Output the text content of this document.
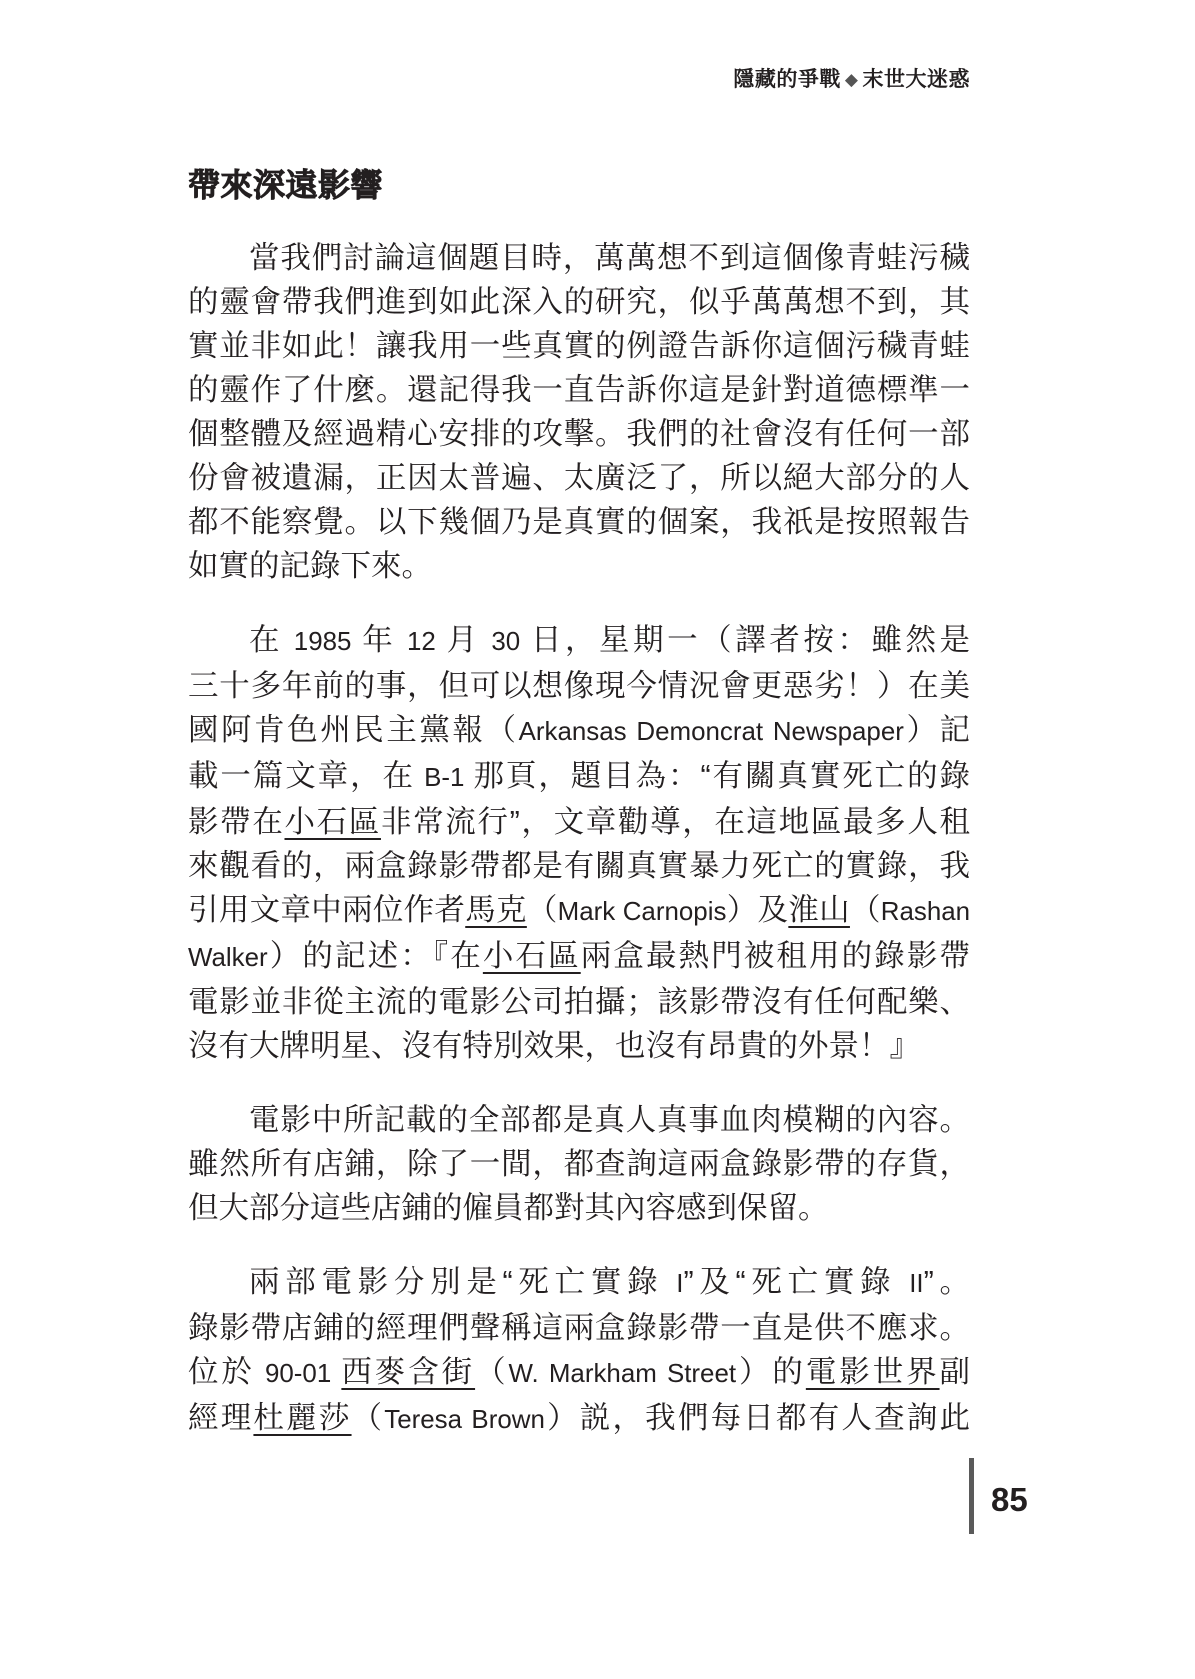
隱藏的爭戰 ◆ 末世大迷惑
帶來深遠影響
當我們討論這個題目時，萬萬想不到這個像青蛙污穢
的靈會帶我們進到如此深入的研究，似乎萬萬想不到，其
實並非如此！讓我用一些真實的例證告訴你這個污穢青蛙
的靈作了什麼。還記得我一直告訴你這是針對道德標準一
個整體及經過精心安排的攻擊。我們的社會沒有任何一部
份會被遺漏，正因太普遍、太廣泛了，所以絕大部分的人
都不能察覺。以下幾個乃是真實的個案，我祇是按照報告
如實的記錄下來。
在 1985 年 12 月 30 日，星期一（譯者按：雖然是
三十多年前的事，但可以想像現今情況會更惡劣！）在美
國阿肯色州民主黨報（Arkansas Demoncrat Newspaper）記
載一篇文章，在 B-1 那頁，題目為：“有關真實死亡的錄
影帶在小石區非常流行”，文章勸導，在這地區最多人租
來觀看的，兩盒錄影帶都是有關真實暴力死亡的實錄，我
引用文章中兩位作者馬克（Mark Carnopis）及淮山（Rashan
Walker）的記述：『在小石區兩盒最熱門被租用的錄影帶
電影並非從主流的電影公司拍攝；該影帶沒有任何配樂、
沒有大牌明星、沒有特別效果，也沒有昂貴的外景！』
電影中所記載的全部都是真人真事血肉模糊的內容。
雖然所有店鋪，除了一間，都查詢這兩盒錄影帶的存貨，
但大部分這些店鋪的僱員都對其內容感到保留。
兩部電影分別是“死亡實錄 I”及“死亡實錄 II”。
錄影帶店鋪的經理們聲稱這兩盒錄影帶一直是供不應求。
位於 90-01 西麥含街（W. Markham Street）的電影世界副
經理杜麗莎（Teresa Brown）説，我們每日都有人查詢此
85
